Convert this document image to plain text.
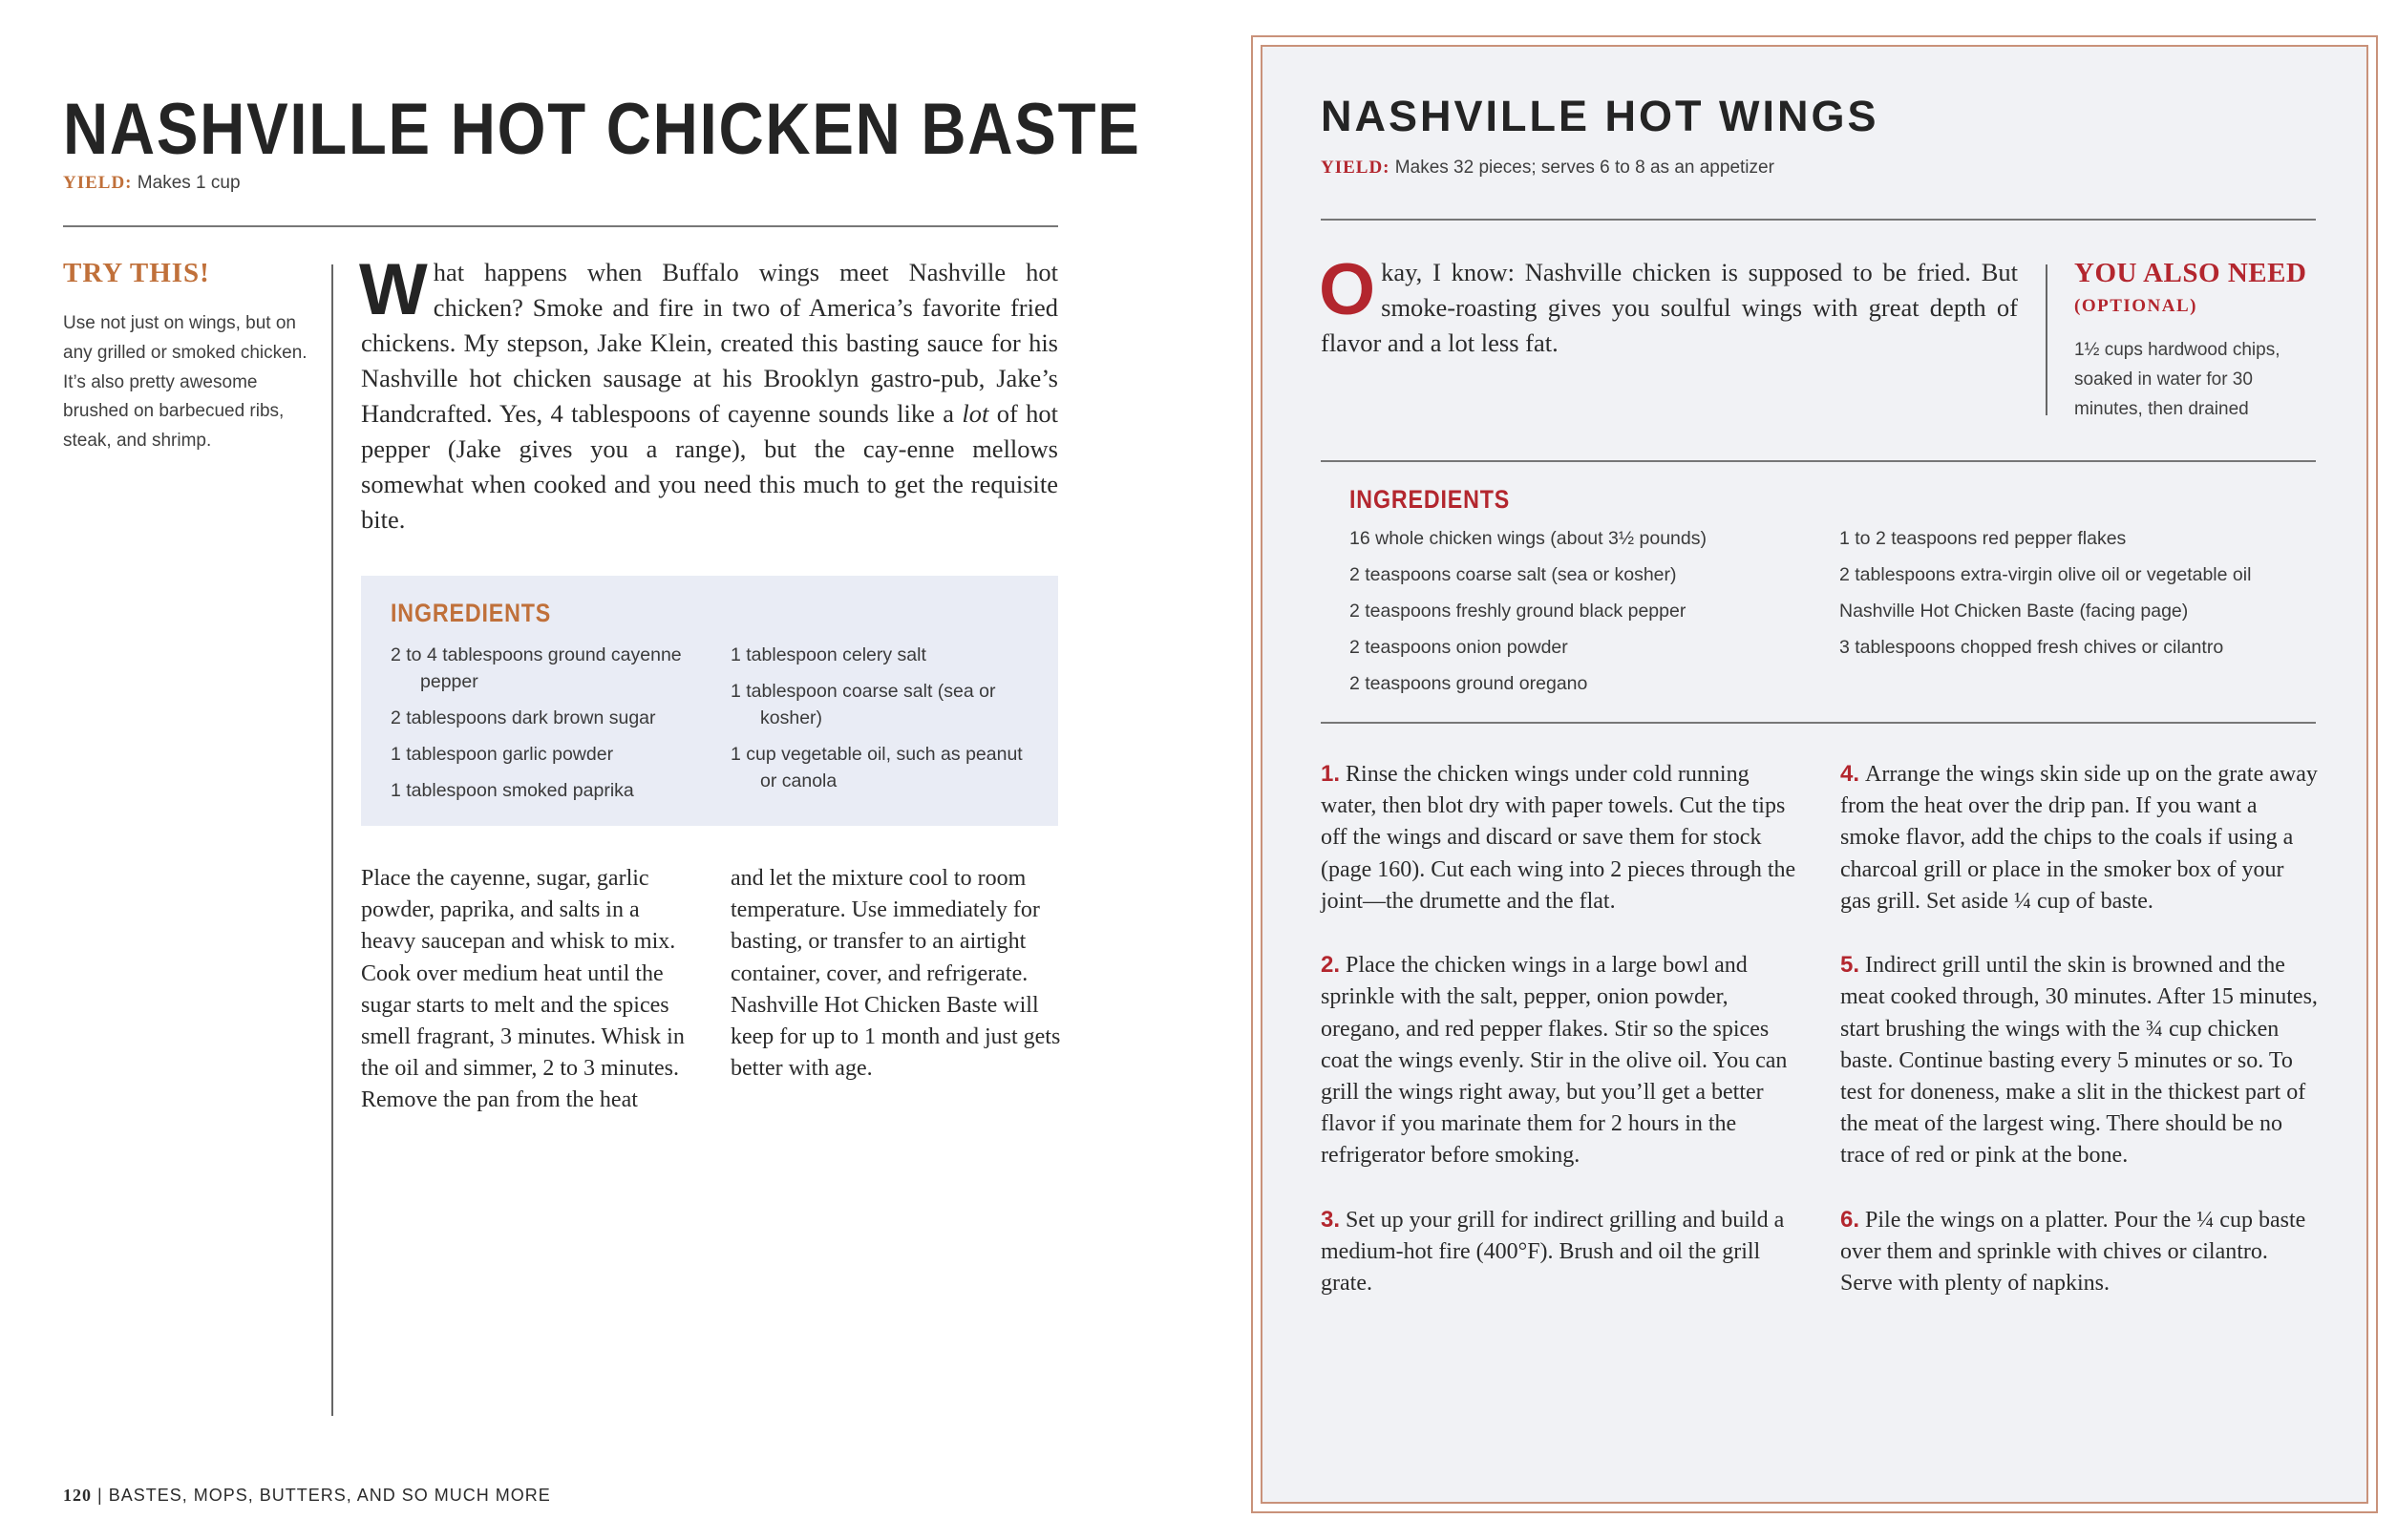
NASHVILLE HOT CHICKEN BASTE
YIELD: Makes 1 cup
TRY THIS!
Use not just on wings, but on any grilled or smoked chicken. It’s also pretty awesome brushed on barbecued ribs, steak, and shrimp.
What happens when Buffalo wings meet Nashville hot chicken? Smoke and fire in two of America’s favorite fried chickens. My stepson, Jake Klein, created this basting sauce for his Nashville hot chicken sausage at his Brooklyn gastro-pub, Jake’s Handcrafted. Yes, 4 tablespoons of cayenne sounds like a lot of hot pepper (Jake gives you a range), but the cay-enne mellows somewhat when cooked and you need this much to get the requisite bite.
INGREDIENTS
2 to 4 tablespoons ground cayenne pepper
2 tablespoons dark brown sugar
1 tablespoon garlic powder
1 tablespoon smoked paprika
1 tablespoon celery salt
1 tablespoon coarse salt (sea or kosher)
1 cup vegetable oil, such as peanut or canola
Place the cayenne, sugar, garlic powder, paprika, and salts in a heavy saucepan and whisk to mix. Cook over medium heat until the sugar starts to melt and the spices smell fragrant, 3 minutes. Whisk in the oil and simmer, 2 to 3 minutes. Remove the pan from the heat
and let the mixture cool to room temperature. Use immediately for basting, or transfer to an airtight container, cover, and refrigerate. Nashville Hot Chicken Baste will keep for up to 1 month and just gets better with age.
120 | BASTES, MOPS, BUTTERS, AND SO MUCH MORE
NASHVILLE HOT WINGS
YIELD: Makes 32 pieces; serves 6 to 8 as an appetizer
Okay, I know: Nashville chicken is supposed to be fried. But smoke-roasting gives you soulful wings with great depth of flavor and a lot less fat.
YOU ALSO NEED
(OPTIONAL)
1½ cups hardwood chips, soaked in water for 30 minutes, then drained
INGREDIENTS
16 whole chicken wings (about 3½ pounds)
2 teaspoons coarse salt (sea or kosher)
2 teaspoons freshly ground black pepper
2 teaspoons onion powder
2 teaspoons ground oregano
1 to 2 teaspoons red pepper flakes
2 tablespoons extra-virgin olive oil or vegetable oil
Nashville Hot Chicken Baste (facing page)
3 tablespoons chopped fresh chives or cilantro
1. Rinse the chicken wings under cold running water, then blot dry with paper towels. Cut the tips off the wings and discard or save them for stock (page 160). Cut each wing into 2 pieces through the joint—the drumette and the flat.
2. Place the chicken wings in a large bowl and sprinkle with the salt, pepper, onion powder, oregano, and red pepper flakes. Stir so the spices coat the wings evenly. Stir in the olive oil. You can grill the wings right away, but you’ll get a better flavor if you marinate them for 2 hours in the refrigerator before smoking.
3. Set up your grill for indirect grilling and build a medium-hot fire (400°F). Brush and oil the grill grate.
4. Arrange the wings skin side up on the grate away from the heat over the drip pan. If you want a smoke flavor, add the chips to the coals if using a charcoal grill or place in the smoker box of your gas grill. Set aside ¼ cup of baste.
5. Indirect grill until the skin is browned and the meat cooked through, 30 minutes. After 15 minutes, start brushing the wings with the ¾ cup chicken baste. Continue basting every 5 minutes or so. To test for doneness, make a slit in the thickest part of the meat of the largest wing. There should be no trace of red or pink at the bone.
6. Pile the wings on a platter. Pour the ¼ cup baste over them and sprinkle with chives or cilantro. Serve with plenty of napkins.
